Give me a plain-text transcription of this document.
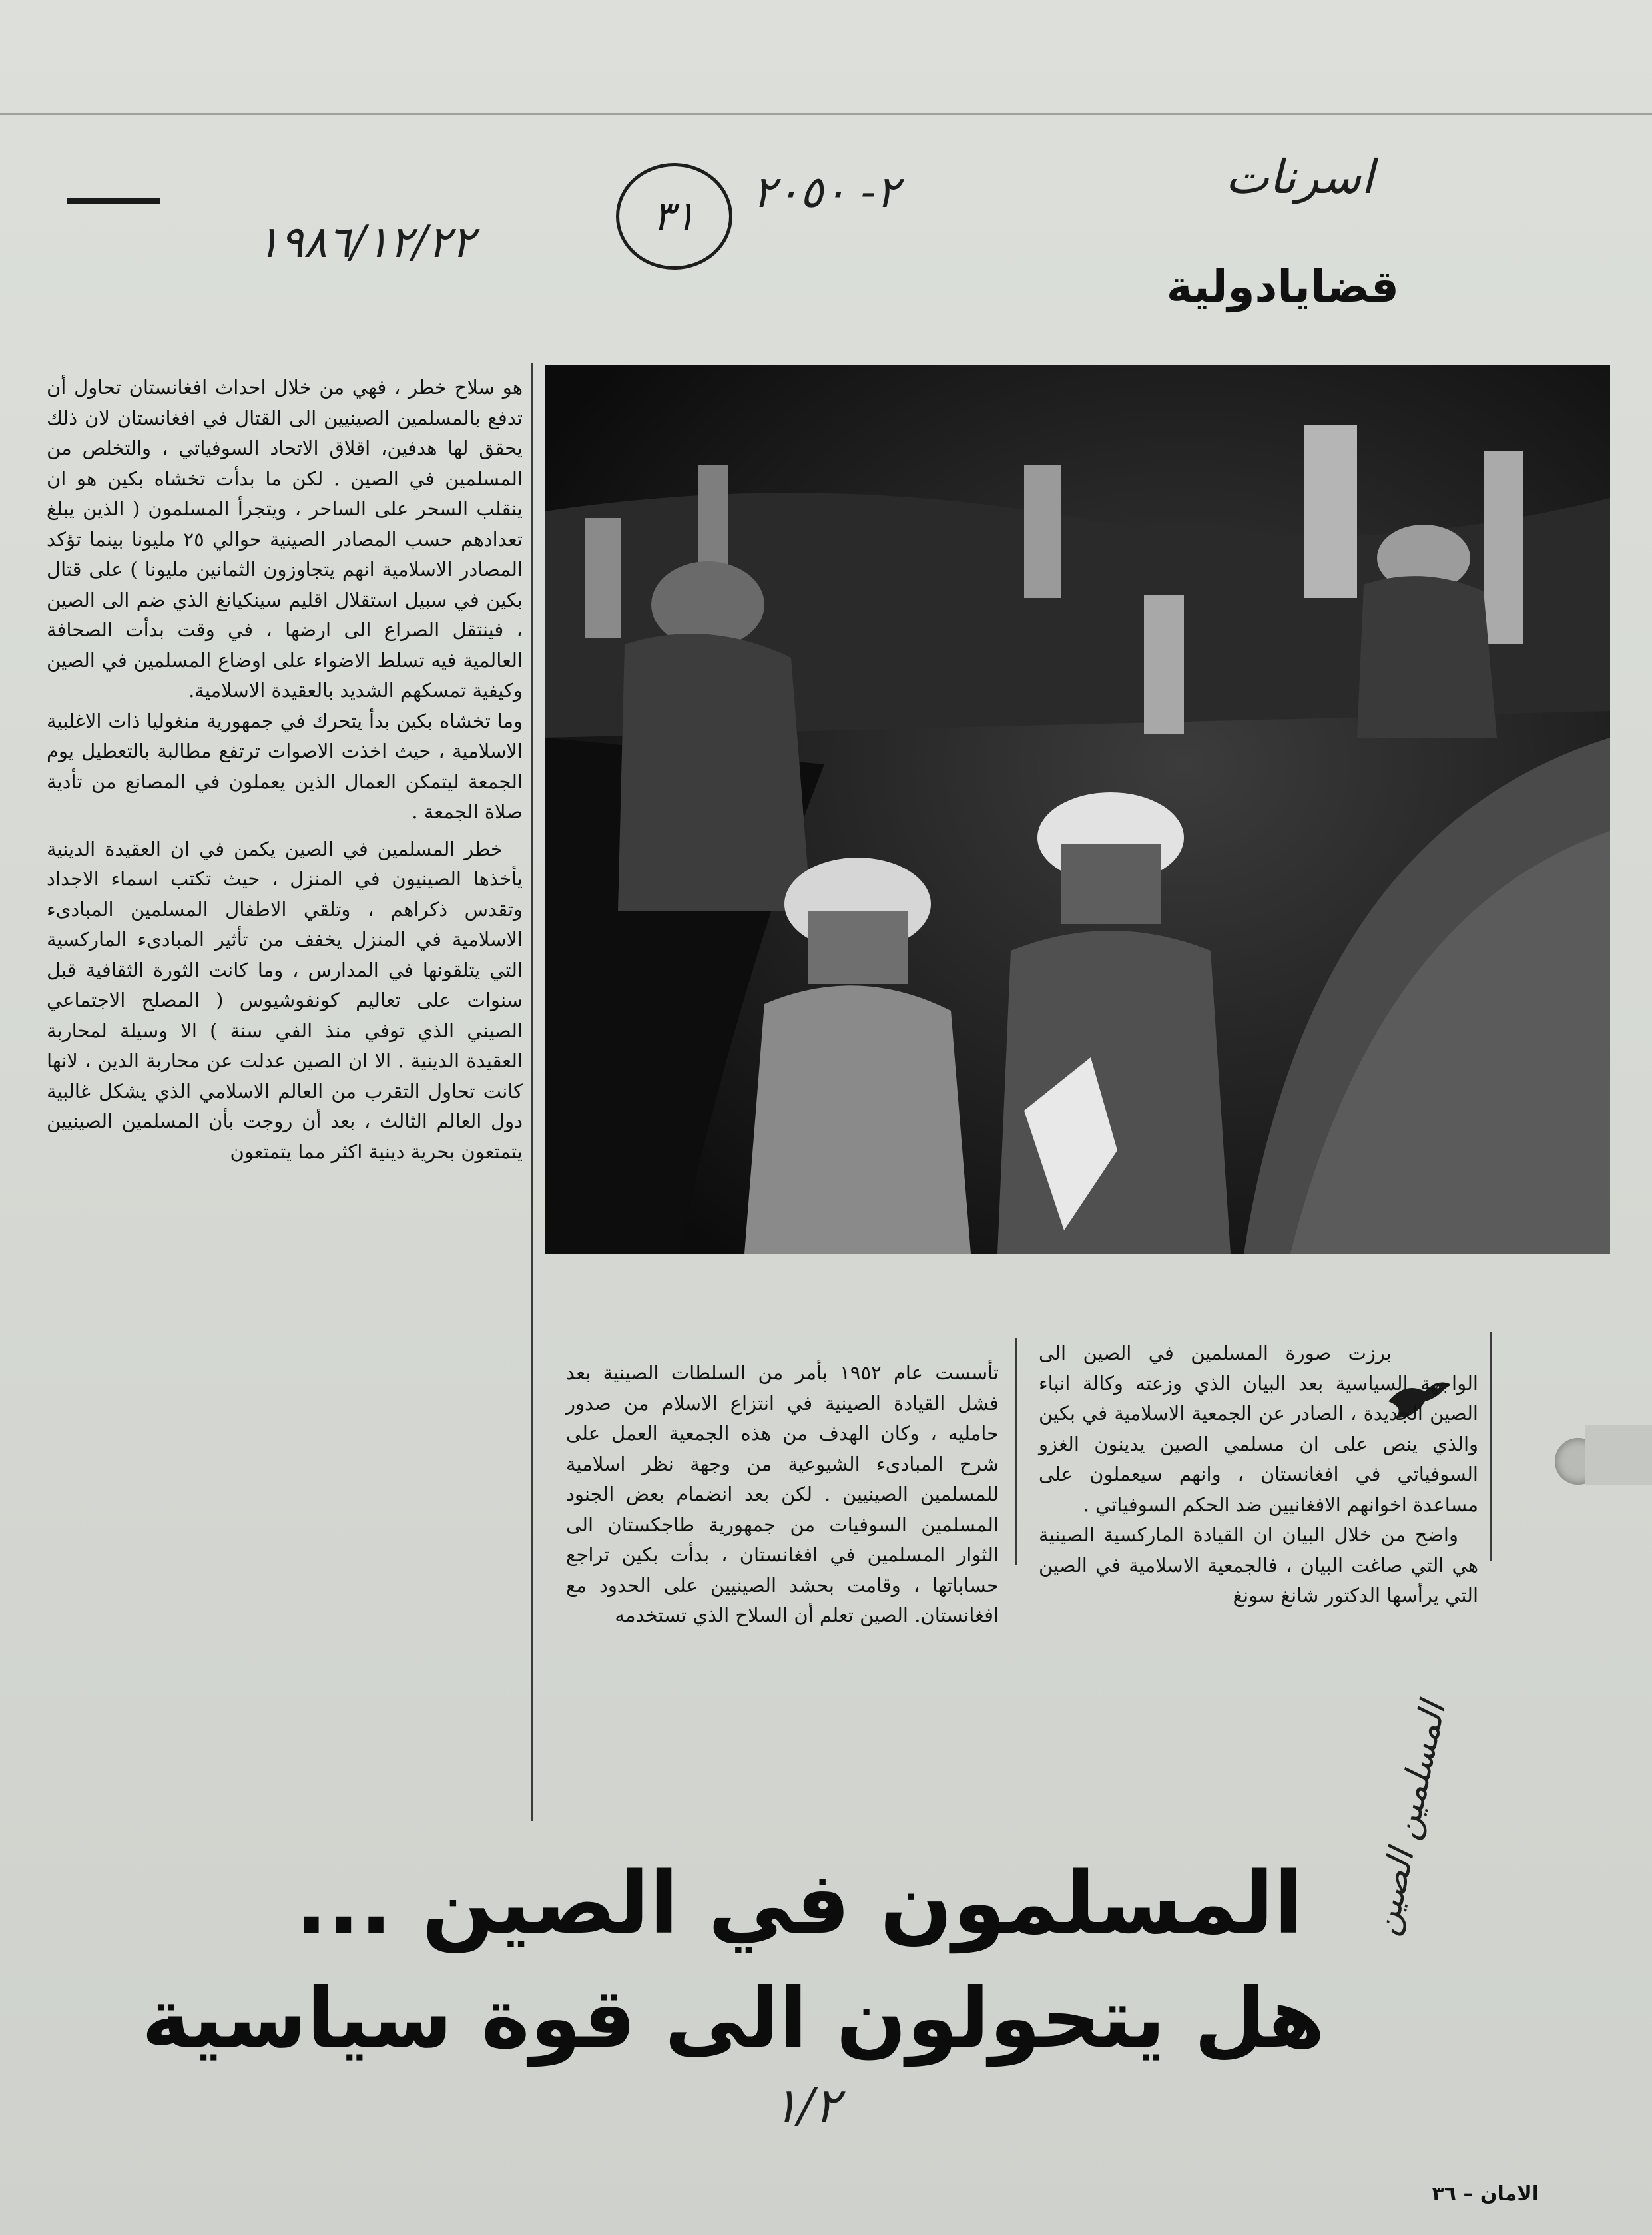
اسرنات
٢- ٢٠٥٠
١٩٨٦/١٢/٢٢	٣١
المسلمين الصين
١/٢
قضايادولية

برزت صورة المسلمين في الصين الى الواجهة السياسية بعد البيان الذي وزعته وكالة انباء الصين الجديدة ، الصادر عن الجمعية الاسلامية في بكين والذي ينص على ان مسلمي الصين يدينون الغزو السوفياتي في افغانستان ، وانهم سيعملون على مساعدة اخوانهم الافغانيين ضد الحكم السوفياتي .

واضح من خلال البيان ان القيادة الماركسية الصينية هي التي صاغت البيان ، فالجمعية الاسلامية في الصين التي يرأسها الدكتور شانغ سونغ

تأسست عام ١٩٥٢ بأمر من السلطات الصينية بعد فشل القيادة الصينية في انتزاع الاسلام من صدور حامليه ، وكان الهدف من هذه الجمعية العمل على شرح المبادىء الشيوعية من وجهة نظر اسلامية للمسلمين الصينيين . لكن بعد انضمام بعض الجنود المسلمين السوفيات من جمهورية طاجكستان الى الثوار المسلمين في افغانستان ، بدأت بكين تراجع حساباتها ، وقامت بحشد الصينيين على الحدود مع افغانستان. الصين تعلم أن السلاح الذي تستخدمه

هو سلاح خطر ، فهي من خلال احداث افغانستان تحاول أن تدفع بالمسلمين الصينيين الى القتال في افغانستان لان ذلك يحقق لها هدفين، اقلاق الاتحاد السوفياتي ، والتخلص من المسلمين في الصين . لكن ما بدأت تخشاه بكين هو ان ينقلب السحر على الساحر ، ويتجرأ المسلمون ( الذين يبلغ تعدادهم حسب المصادر الصينية حوالي ٢٥ مليونا بينما تؤكد المصادر الاسلامية انهم يتجاوزون الثمانين مليونا ) على قتال بكين في سبيل استقلال اقليم سينكيانغ الذي ضم الى الصين ، فينتقل الصراع الى ارضها ، في وقت بدأت الصحافة العالمية فيه تسلط الاضواء على اوضاع المسلمين في الصين وكيفية تمسكهم الشديد بالعقيدة الاسلامية.

وما تخشاه بكين بدأ يتحرك في جمهورية منغوليا ذات الاغلبية الاسلامية ، حيث اخذت الاصوات ترتفع مطالبة بالتعطيل يوم الجمعة ليتمكن العمال الذين يعملون في المصانع من تأدية صلاة الجمعة .

خطر المسلمين في الصين يكمن في ان العقيدة الدينية يأخذها الصينيون في المنزل ، حيث تكتب اسماء الاجداد وتقدس ذكراهم ، وتلقي الاطفال المسلمين المبادىء الاسلامية في المنزل يخفف من تأثير المبادىء الماركسية التي يتلقونها في المدارس ، وما كانت الثورة الثقافية قبل سنوات على تعاليم كونفوشيوس ( المصلح الاجتماعي الصيني الذي توفي منذ الفي سنة ) الا وسيلة لمحاربة العقيدة الدينية . الا ان الصين عدلت عن محاربة الدين ، لانها كانت تحاول التقرب من العالم الاسلامي الذي يشكل غالبية دول العالم الثالث ، بعد أن روجت بأن المسلمين الصينيين يتمتعون بحرية دينية اكثر مما يتمتعون

المسلمون في الصين ...
هل يتحولون الى قوة سياسية
الامان – ٣٦
